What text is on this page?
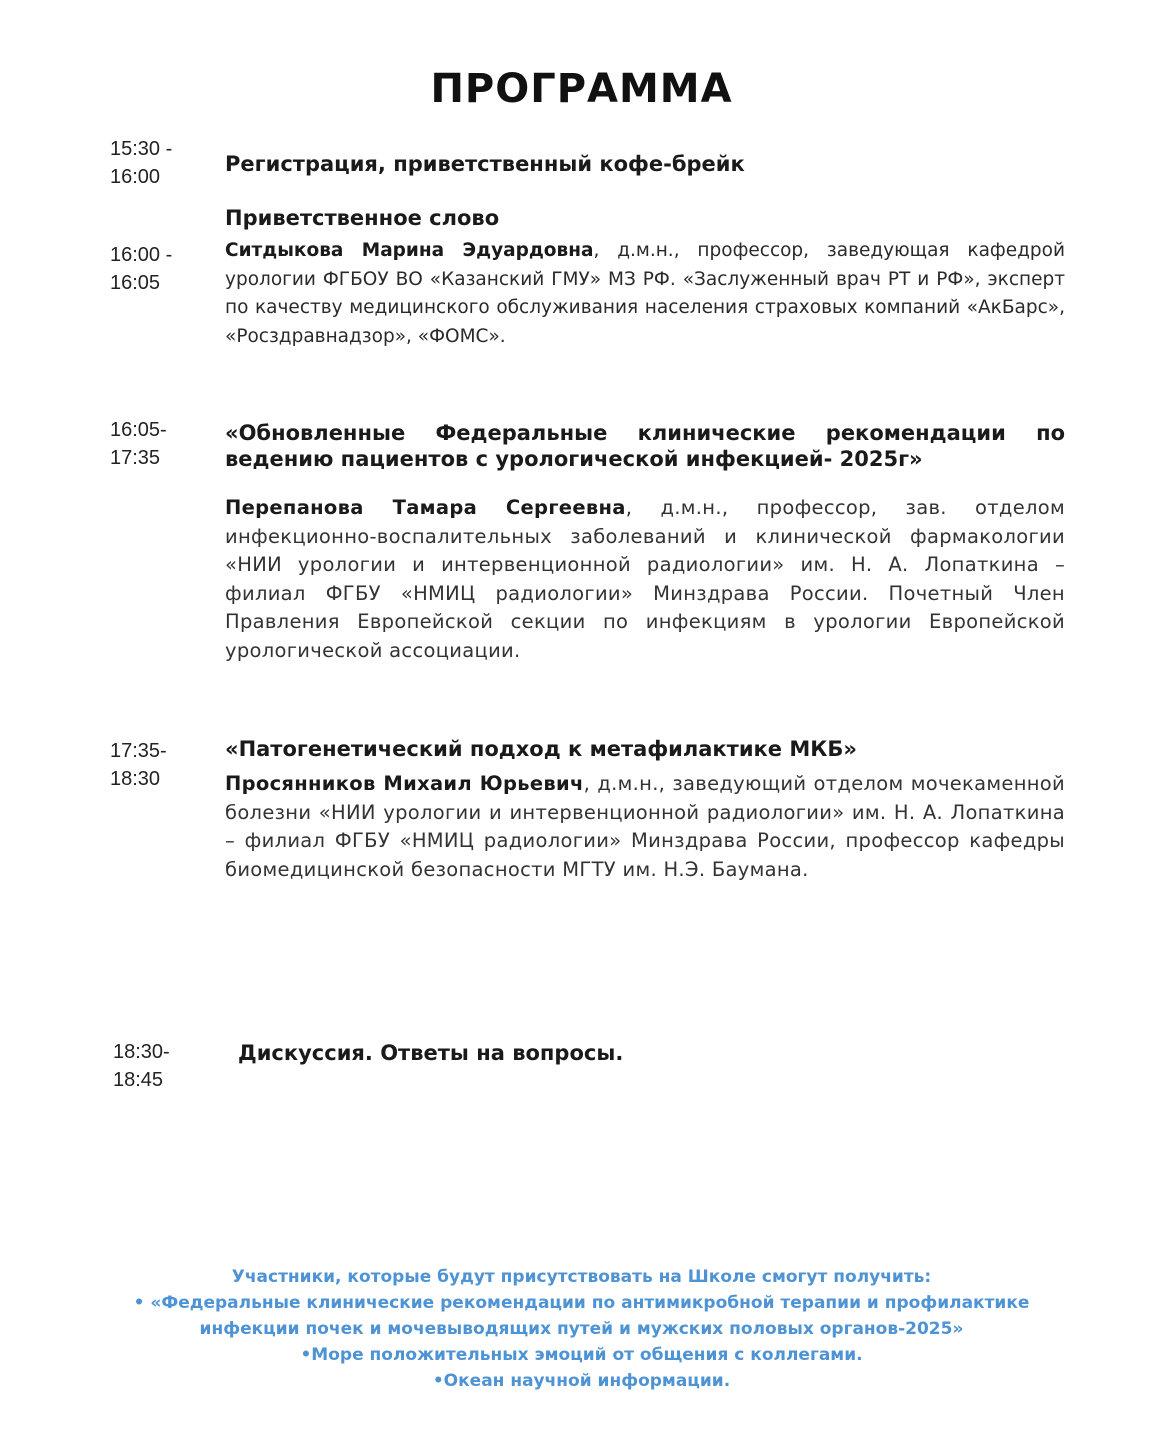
ПРОГРАММА
15:30 -
16:00
Регистрация, приветственный кофе-брейк
16:00 -
16:05
Приветственное слово
Ситдыкова Марина Эдуардовна, д.м.н., профессор, заведующая кафедрой урологии ФГБОУ ВО «Казанский ГМУ» МЗ РФ. «Заслуженный врач РТ и РФ», эксперт по качеству медицинского обслуживания населения страховых компаний «АкБарс», «Росздравнадзор», «ФОМС».
16:05-
17:35
«Обновленные Федеральные клинические рекомендации по ведению пациентов с урологической инфекцией- 2025г»
Перепанова Тамара Сергеевна, д.м.н., профессор, зав. отделом инфекционно-воспалительных заболеваний и клинической фармакологии «НИИ урологии и интервенционной радиологии» им. Н. А. Лопаткина – филиал ФГБУ «НМИЦ радиологии» Минздрава России. Почетный Член Правления Европейской секции по инфекциям в урологии Европейской урологической ассоциации.
17:35-
18:30
«Патогенетический подход к метафилактике МКБ»
Просянников Михаил Юрьевич, д.м.н., заведующий отделом мочекаменной болезни «НИИ урологии и интервенционной радиологии» им. Н. А. Лопаткина – филиал ФГБУ «НМИЦ радиологии» Минздрава России, профессор кафедры биомедицинской безопасности МГТУ им. Н.Э. Баумана.
18:30-
18:45
Дискуссия. Ответы на вопросы.
Участники, которые будут присутствовать на Школе смогут получить:
• «Федеральные клинические рекомендации по антимикробной терапии и профилактике
инфекции почек и мочевыводящих путей и мужских половых органов-2025»
•Море положительных эмоций от общения с коллегами.
•Океан научной информации.
